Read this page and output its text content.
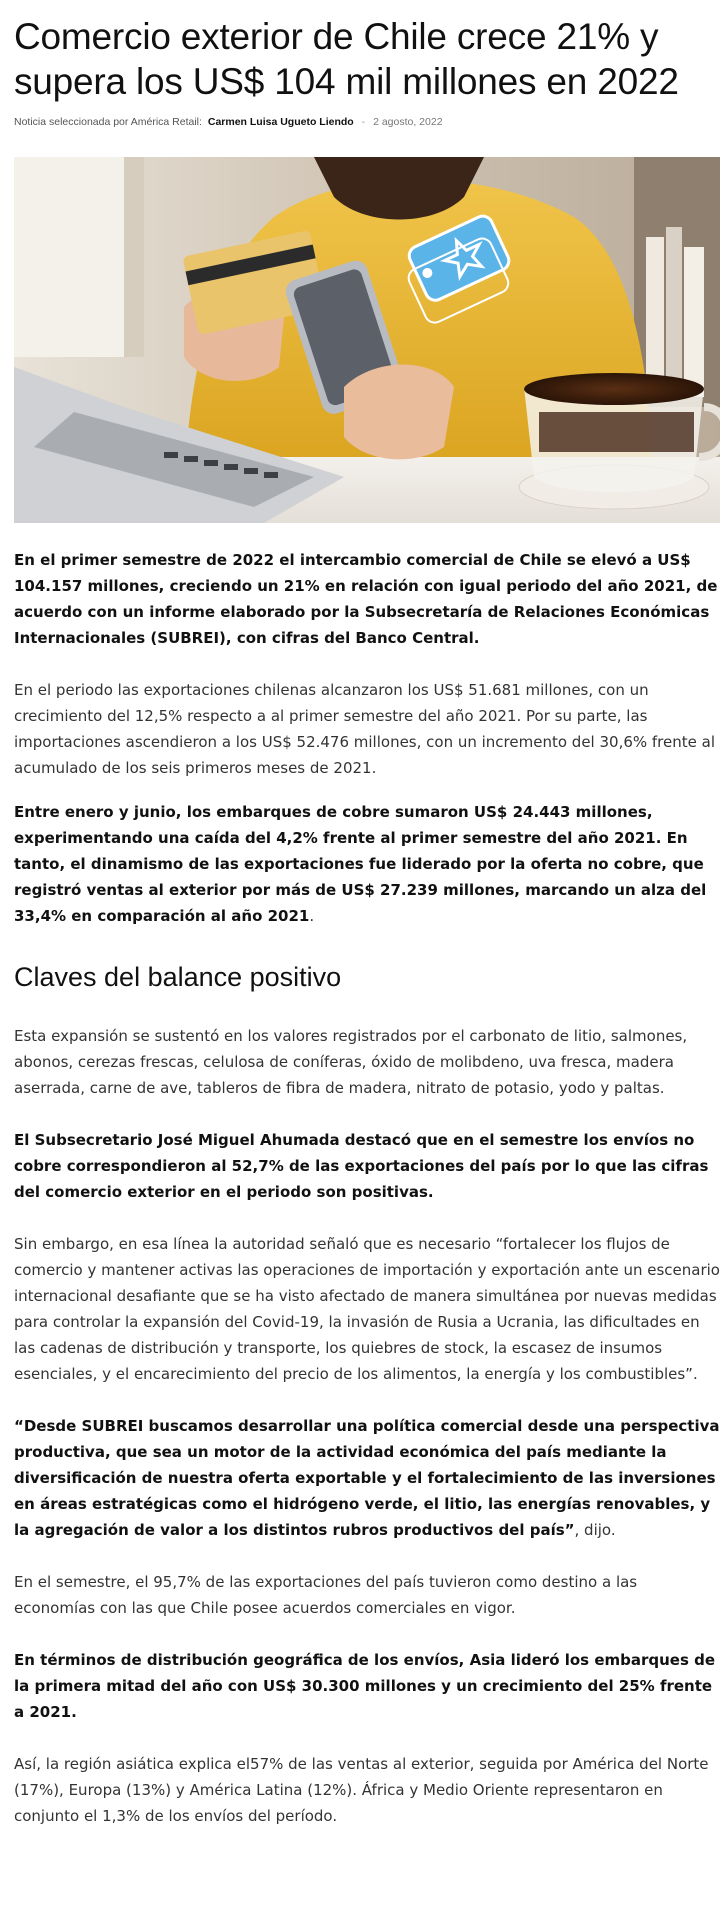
Comercio exterior de Chile crece 21% y supera los US$ 104 mil millones en 2022
Noticia seleccionada por América Retail: Carmen Luisa Ugueto Liendo - 2 agosto, 2022

En el primer semestre de 2022 el intercambio comercial de Chile se elevó a US$ 104.157 millones, creciendo un 21% en relación con igual periodo del año 2021, de acuerdo con un informe elaborado por la Subsecretaría de Relaciones Económicas Internacionales (SUBREI), con cifras del Banco Central.

En el periodo las exportaciones chilenas alcanzaron los US$ 51.681 millones, con un crecimiento del 12,5% respecto a al primer semestre del año 2021. Por su parte, las importaciones ascendieron a los US$ 52.476 millones, con un incremento del 30,6% frente al acumulado de los seis primeros meses de 2021.

Entre enero y junio, los embarques de cobre sumaron US$ 24.443 millones, experimentando una caída del 4,2% frente al primer semestre del año 2021. En tanto, el dinamismo de las exportaciones fue liderado por la oferta no cobre, que registró ventas al exterior por más de US$ 27.239 millones, marcando un alza del 33,4% en comparación al año 2021.

Claves del balance positivo

Esta expansión se sustentó en los valores registrados por el carbonato de litio, salmones, abonos, cerezas frescas, celulosa de coníferas, óxido de molibdeno, uva fresca, madera aserrada, carne de ave, tableros de fibra de madera, nitrato de potasio, yodo y paltas.

El Subsecretario José Miguel Ahumada destacó que en el semestre los envíos no cobre correspondieron al 52,7% de las exportaciones del país por lo que las cifras del comercio exterior en el periodo son positivas.

Sin embargo, en esa línea la autoridad señaló que es necesario “fortalecer los flujos de comercio y mantener activas las operaciones de importación y exportación ante un escenario internacional desafiante que se ha visto afectado de manera simultánea por nuevas medidas para controlar la expansión del Covid-19, la invasión de Rusia a Ucrania, las dificultades en las cadenas de distribución y transporte, los quiebres de stock, la escasez de insumos esenciales, y el encarecimiento del precio de los alimentos, la energía y los combustibles”.

“Desde SUBREI buscamos desarrollar una política comercial desde una perspectiva productiva, que sea un motor de la actividad económica del país mediante la diversificación de nuestra oferta exportable y el fortalecimiento de las inversiones en áreas estratégicas como el hidrógeno verde, el litio, las energías renovables, y la agregación de valor a los distintos rubros productivos del país”, dijo.

En el semestre, el 95,7% de las exportaciones del país tuvieron como destino a las economías con las que Chile posee acuerdos comerciales en vigor.

En términos de distribución geográfica de los envíos, Asia lideró los embarques de la primera mitad del año con US$ 30.300 millones y un crecimiento del 25% frente a 2021.

Así, la región asiática explica el57% de las ventas al exterior, seguida por América del Norte (17%), Europa (13%) y América Latina (12%). África y Medio Oriente representaron en conjunto el 1,3% de los envíos del período.
